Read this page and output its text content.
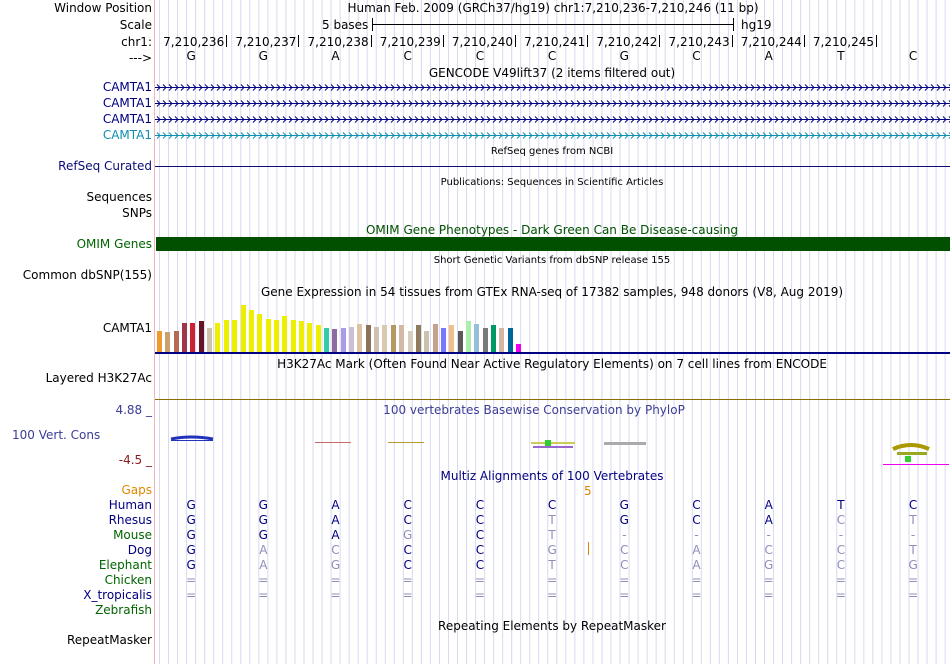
Window Position
Scale
chr1:
--->
CAMTA1
CAMTA1
CAMTA1
CAMTA1
RefSeq Curated
Sequences
SNPs
OMIM Genes
Common dbSNP(155)
CAMTA1
Layered H3K27Ac
4.88 _
100 Vert. Cons
-4.5 _
Gaps
RepeatMasker
Human Feb. 2009 (GRCh37/hg19) chr1:7,210,236-7,210,246 (11 bp)
5 bases	hg19
7,210,236 7,210,237 7,210,238 7,210,239 7,210,240 7,210,241 7,210,242 7,210,243 7,210,244 7,210,245
G	G	A	C	C	C	G	C	A	T	C
GENCODE V49lift37 (2 items filtered out)
RefSeq genes from NCBI
Publications: Sequences in Scientific Articles
OMIM Gene Phenotypes - Dark Green Can Be Disease-causing
Short Genetic Variants from dbSNP release 155
Gene Expression in 54 tissues from GTEx RNA-seq of 17382 samples, 948 donors (V8, Aug 2019)
H3K27Ac Mark (Often Found Near Active Regulatory Elements) on 7 cell lines from ENCODE
100 vertebrates Basewise Conservation by PhyloP
Multiz Alignments of 100 Vertebrates
5
Human	G	G	A	C	C	C	G	C	A	T	C
Rhesus	G	G	A	C	C	T	G	C	A	C	T
Mouse	G	G	A	G	C	T	-	-	-	-	-
Dog	G	A	C	C	C	G	C	A	C	C	T
Elephant	G	A	G	C	C	T	C	A	G	C	G
Chicken	=	=	=	=	=	=	=	=	=	=	=
X_tropicalis	=	=	=	=	=	=	=	=	=	=	=
Zebrafish
Repeating Elements by RepeatMasker
